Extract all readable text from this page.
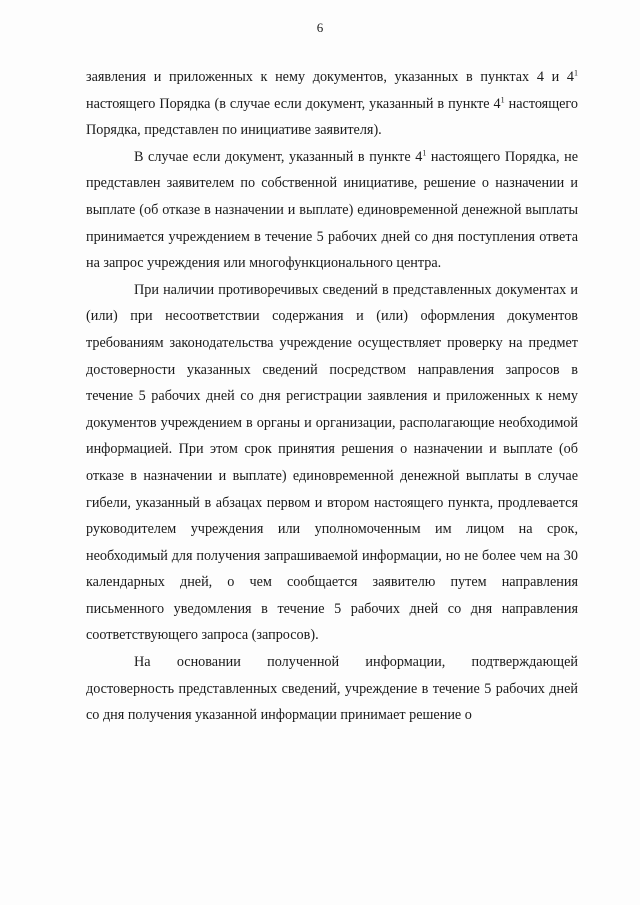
6

заявления и приложенных к нему документов, указанных в пунктах 4 и $4^1$ настоящего Порядка (в случае если документ, указанный в пункте $4^1$ настоящего Порядка, представлен по инициативе заявителя).

В случае если документ, указанный в пункте $4^1$ настоящего Порядка, не представлен заявителем по собственной инициативе, решение о назначении и выплате (об отказе в назначении и выплате) единовременной денежной выплаты принимается учреждением в течение 5 рабочих дней со дня поступления ответа на запрос учреждения или многофункционального центра.

При наличии противоречивых сведений в представленных документах и (или) при несоответствии содержания и (или) оформления документов требованиям законодательства учреждение осуществляет проверку на предмет достоверности указанных сведений посредством направления запросов в течение 5 рабочих дней со дня регистрации заявления и приложенных к нему документов учреждением в органы и организации, располагающие необходимой информацией. При этом срок принятия решения о назначении и выплате (об отказе в назначении и выплате) единовременной денежной выплаты в случае гибели, указанный в абзацах первом и втором настоящего пункта, продлевается руководителем учреждения или уполномоченным им лицом на срок, необходимый для получения запрашиваемой информации, но не более чем на 30 календарных дней, о чем сообщается заявителю путем направления письменного уведомления в течение 5 рабочих дней со дня направления соответствующего запроса (запросов).

На основании полученной информации, подтверждающей достоверность представленных сведений, учреждение в течение 5 рабочих дней со дня получения указанной информации принимает решение о
